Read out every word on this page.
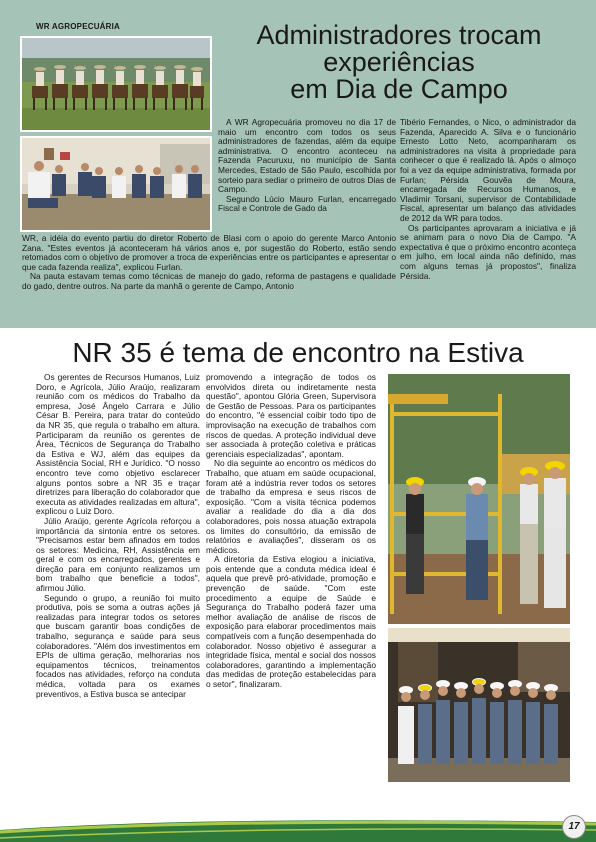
WR AGROPECUÁRIA	Administradores trocam
experiências
em Dia de Campo

A WR Agropecuária promoveu no dia 17 de maio um encontro com todos os seus administradores de fazendas, além da equipe administrativa. O encontro aconteceu na Fazenda Pacuruxu, no município de Santa Mercedes, Estado de São Paulo, escolhida por sorteio para sediar o primeiro de outros Dias de Campo.

Segundo Lúcio Mauro Furlan, encarregado Fiscal e Controle de Gado da

WR, a idéia do evento partiu do diretor Roberto de Blasi com o apoio do gerente Marco Antonio Zana. "Estes eventos já aconteceram há vários anos e, por sugestão do Roberto, estão sendo retomados com o objetivo de promover a troca de experiências entre os participantes e apresentar o que cada fazenda realiza", explicou Furlan.

Na pauta estavam temas como técnicas de manejo do gado, reforma de pastagens e qualidade do gado, dentre outros. Na parte da manhã o gerente de Campo, Antonio

Tibério Fernandes, o Nico, o administrador da Fazenda, Aparecido A. Silva e o funcionário Ernesto Lotto Neto, acompanharam os administradores na visita à propriedade para conhecer o que é realizado lá. Após o almoço foi a vez da equipe administrativa, formada por Furlan; Pérsida Gouvêa de Moura, encarregada de Recursos Humanos, e Vladimir Torsani, supervisor de Contabilidade Fiscal, apresentar um balanço das atividades de 2012 da WR para todos.

Os participantes aprovaram a iniciativa e já se animam para o novo Dia de Campo. "A expectativa é que o próximo encontro aconteça em julho, em local ainda não definido, mas com alguns temas já propostos", finaliza Pérsida.

NR 35 é tema de encontro na Estiva

Os gerentes de Recursos Humanos, Luiz Doro, e Agrícola, Júlio Araújo, realizaram reunião com os médicos do Trabalho da empresa, José Ângelo Carrara e Júlio César B. Pereira, para tratar do conteúdo da NR 35, que regula o trabalho em altura. Participaram da reunião os gerentes de Área, Técnicos de Segurança do Trabalho da Estiva e WJ, além das equipes da Assistência Social, RH e Jurídico. "O nosso encontro teve como objetivo esclarecer alguns pontos sobre a NR 35 e traçar diretrizes para liberação do colaborador que executa as atividades realizadas em altura", explicou o Luiz Doro.

Júlio Araújo, gerente Agrícola reforçou a importância da sintonia entre os setores. "Precisamos estar bem afinados em todos os setores: Medicina, RH, Assistência em geral e com os encarregados, gerentes e direção para em conjunto realizamos um bom trabalho que beneficie a todos", afirmou Júlio.

Segundo o grupo, a reunião foi muito produtiva, pois se soma a outras ações já realizadas para integrar todos os setores que buscam garantir boas condições de trabalho, segurança e saúde para seus colaboradores. "Além dos investimentos em EPIs de ultima geração, melhorarias nos equipamentos técnicos, treinamentos focados nas atividades, reforço na conduta médica, voltada para os exames preventivos, a Estiva busca se antecipar

promovendo a integração de todos os envolvidos direta ou indiretamente nesta questão", apontou Glória Green, Supervisora de Gestão de Pessoas. Para os participantes do encontro, "é essencial coibir todo tipo de improvisação na execução de trabalhos com riscos de quedas. A proteção individual deve ser associada à proteção coletiva e práticas gerenciais especializadas", apontam.

No dia seguinte ao encontro os médicos do Trabalho, que atuam em saúde ocupacional, foram até a indústria rever todos os setores de trabalho da empresa e seus riscos de exposição. "Com a visita técnica podemos avaliar a realidade do dia a dia dos colaboradores, pois nossa atuação extrapola os limites do consultório, da emissão de relatórios e avaliações", disseram os os médicos.

A diretoria da Estiva elogiou a iniciativa, pois entende que a conduta médica ideal é aquela que prevê pró-atividade, promoção e prevenção de saúde. "Com este procedimento a equipe de Saúde e Segurança do Trabalho poderá fazer uma melhor avaliação de análise de riscos de exposição para elaborar procedimentos mais compatíveis com a função desempenhada do colaborador. Nosso objetivo é assegurar a integridade física, mental e social dos nossos colaboradores, garantindo a implementação das medidas de proteção estabelecidas para o setor", finalizaram.

17
